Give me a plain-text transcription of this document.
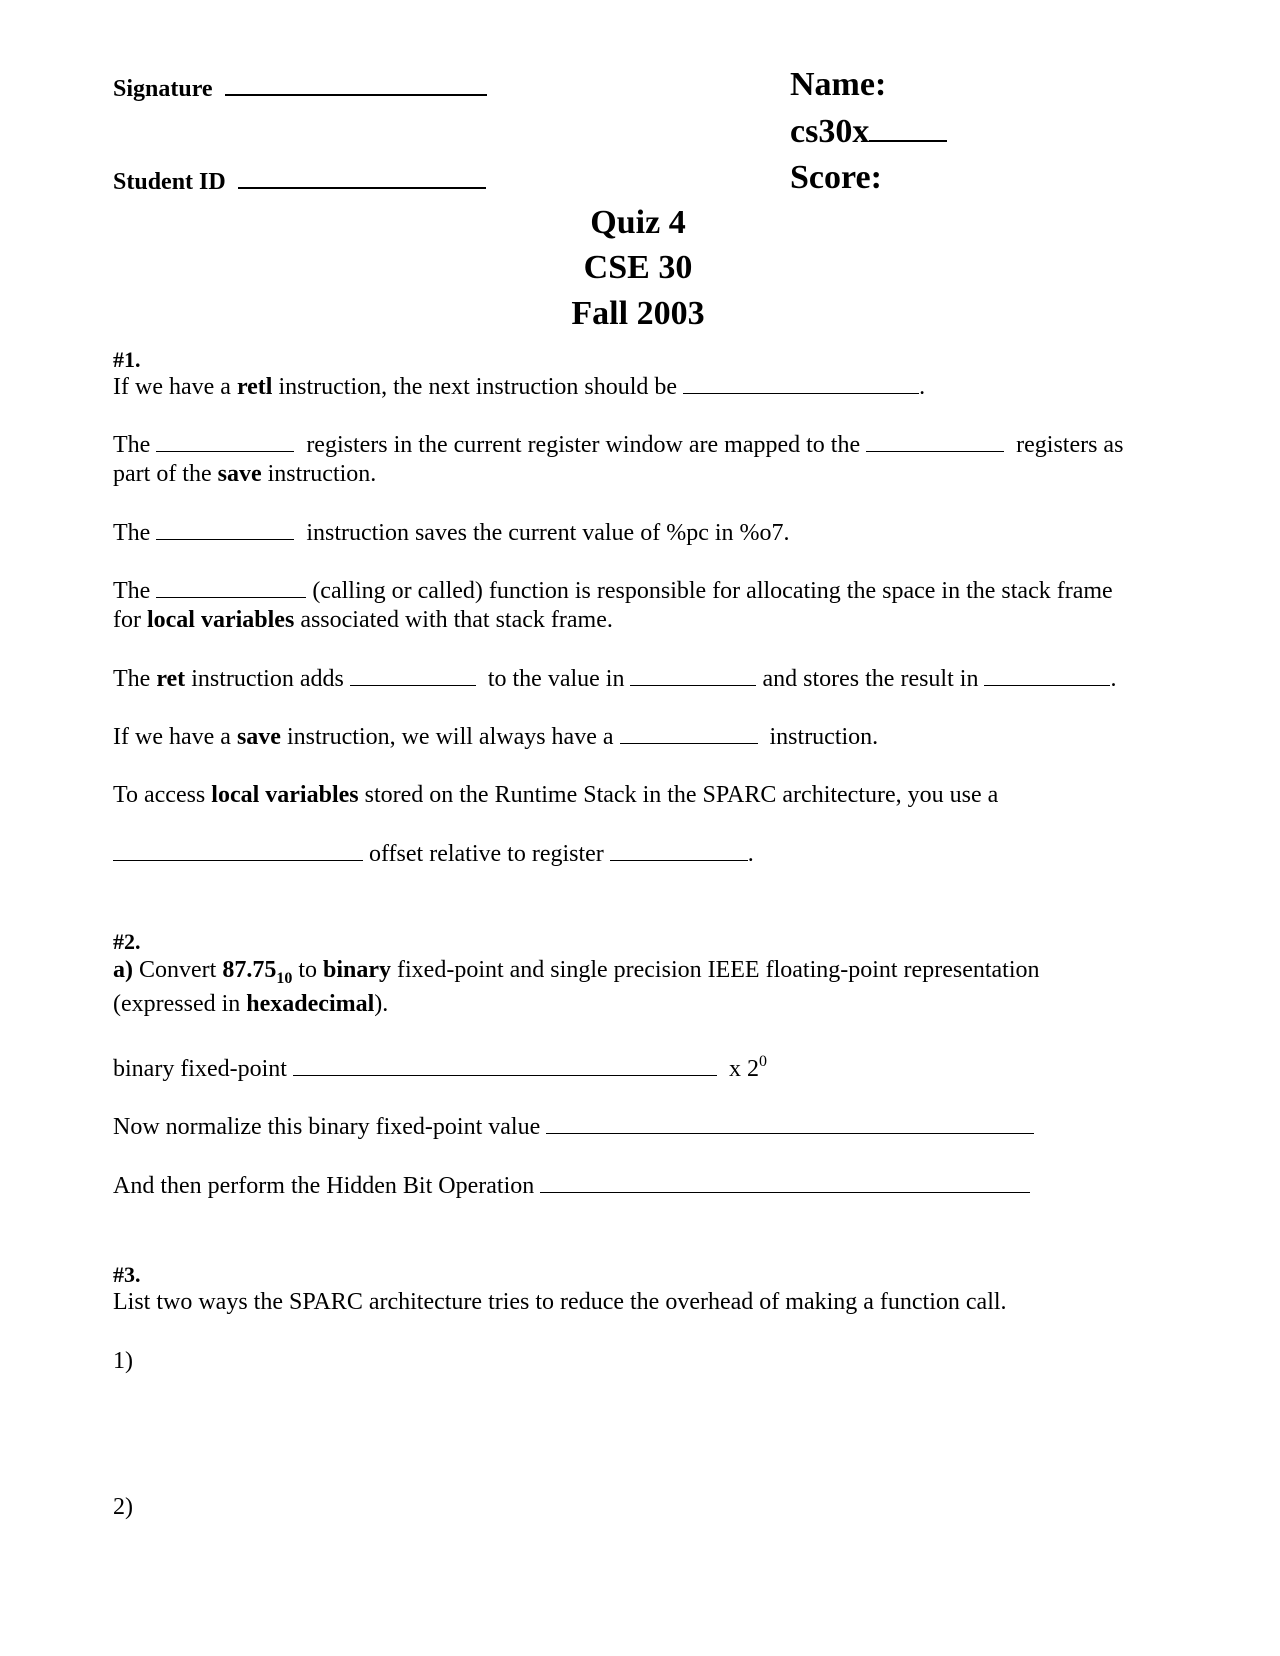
Signature
Student ID
Name:
cs30x
Score:
Quiz 4
CSE 30
Fall 2003
#1.
If we have a retl instruction, the next instruction should be	.
The	registers in the current register window are mapped to the	registers as
part of the save instruction.
The	instruction saves the current value of %pc in %o7.
The	(calling or called) function is responsible for allocating the space in the stack frame
for local variables associated with that stack frame.
The ret instruction adds	to the value in	and stores the result in	.
If we have a save instruction, we will always have a	instruction.
To access local variables stored on the Runtime Stack in the SPARC architecture, you use a
offset relative to register	.
#2.
a) Convert $87.75_{10}$ to binary fixed-point and single precision IEEE floating-point representation
(expressed in hexadecimal).
binary fixed-point	x $2^0$
Now normalize this binary fixed-point value
And then perform the Hidden Bit Operation
#3.
List two ways the SPARC architecture tries to reduce the overhead of making a function call.
1)
2)
